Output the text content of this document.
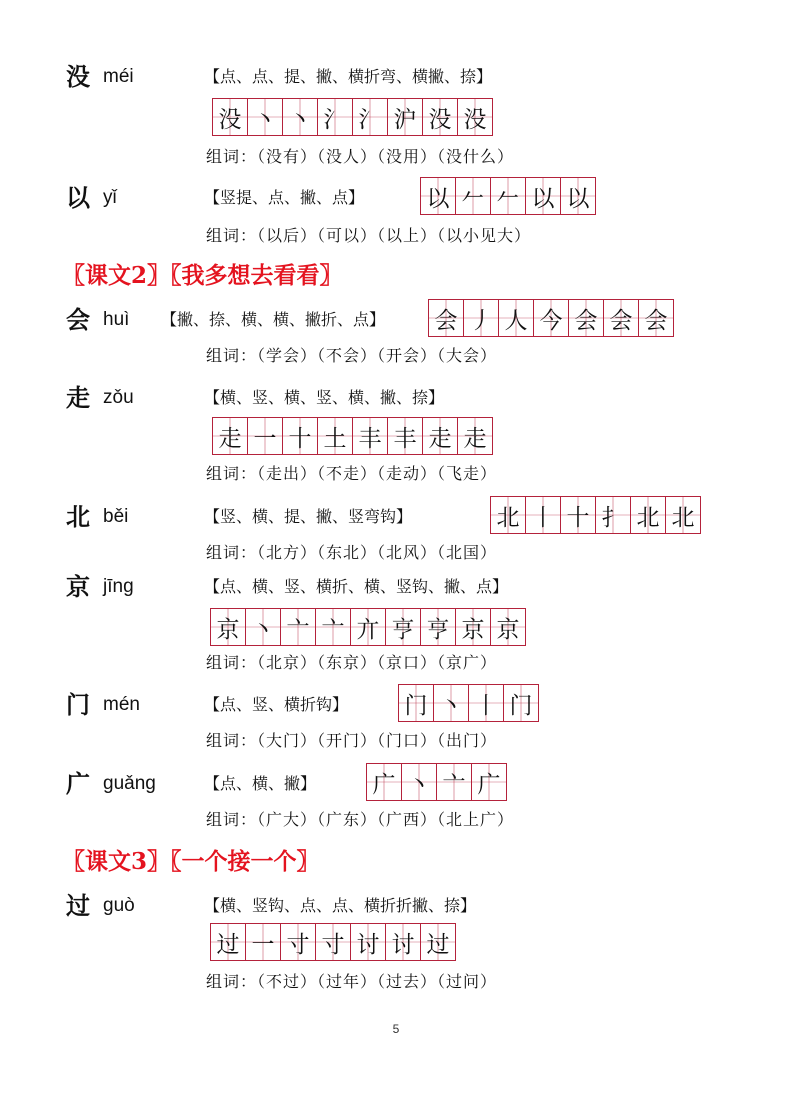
没 méi	【点、点、提、撇、横折弯、横撇、捺】
没 丶 丶 氵 氵 沪 没 没
组词：（没有）（没人）（没用）（没什么）
以 yǐ	【竖提、点、撇、点】	以 𠂉 𠂉 以 以
组词：（以后）（可以）（以上）（以小见大）
〖课文2〗〖我多想去看看〗
会 huì 【撇、捺、横、横、撇折、点】 会 丿 人 今 会 会 会
组词：（学会）（不会）（开会）（大会）
走 zǒu	【横、竖、横、竖、横、撇、捺】
走 一 十 土 丰 丰 走 走
组词：（走出）（不走）（走动）（飞走）
北 běi	【竖、横、提、撇、竖弯钩】	北 丨 十 扌 北 北
组词：（北方）（东北）（北风）（北国）
京 jīng	【点、横、竖、横折、横、竖钩、撇、点】
京 丶 亠 亠 亣 亨 亨 京 京
组词：（北京）（东京）（京口）（京广）
门 mén	【点、竖、横折钩】 门 丶 丨 门
组词：（大门）（开门）（门口）（出门）
广 guǎng	【点、横、撇】 广 丶 亠 广
组词：（广大）（广东）（广西）（北上广）
〖课文3〗〖一个接一个〗
过 guò	【横、竖钩、点、点、横折折撇、捺】
过 一 寸 寸 讨 讨 过
组词：（不过）（过年）（过去）（过问）
5
